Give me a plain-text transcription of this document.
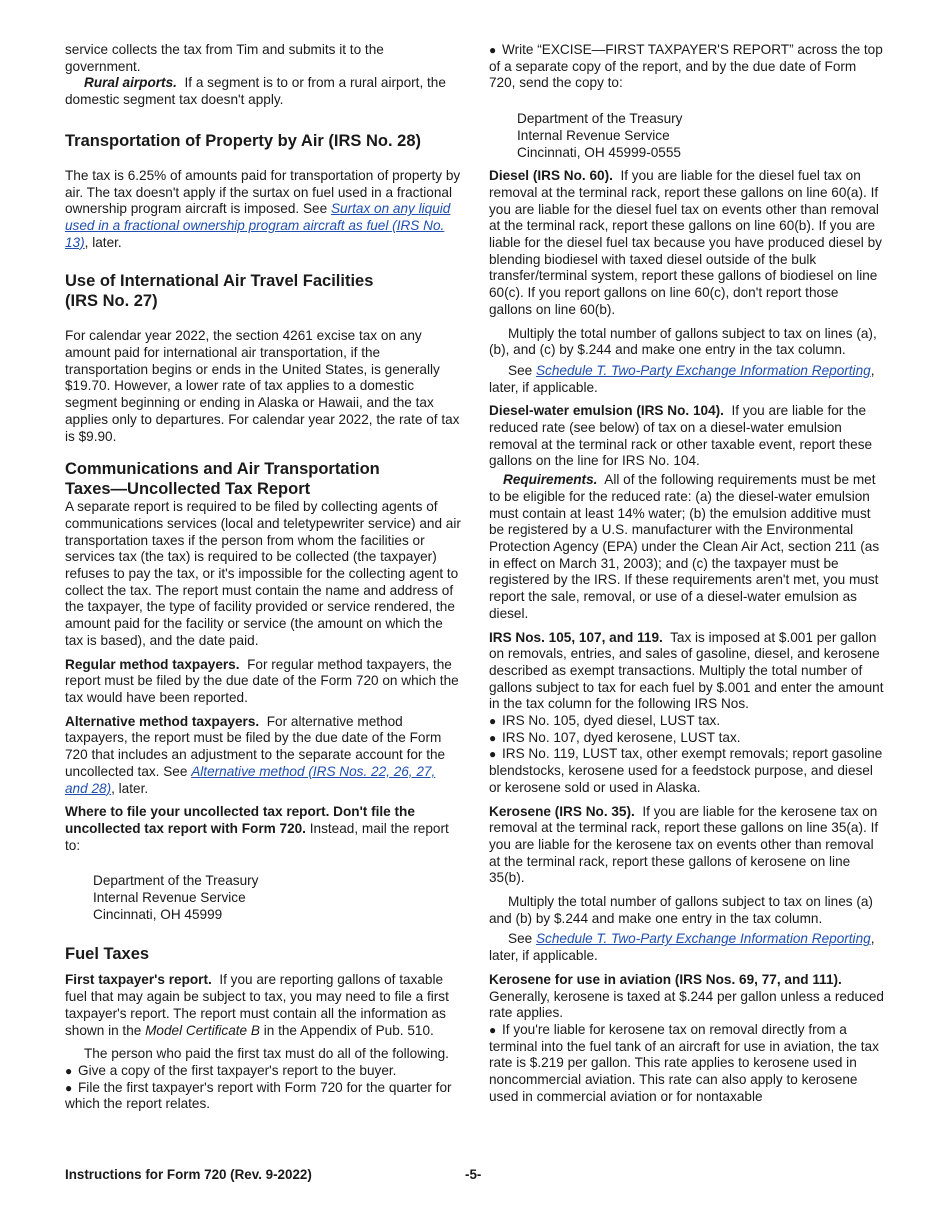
service collects the tax from Tim and submits it to the government.

Rural airports. If a segment is to or from a rural airport, the domestic segment tax doesn't apply.

Transportation of Property by Air (IRS No. 28)

The tax is 6.25% of amounts paid for transportation of property by air. The tax doesn't apply if the surtax on fuel used in a fractional ownership program aircraft is imposed. See Surtax on any liquid used in a fractional ownership program aircraft as fuel (IRS No. 13), later.

Use of International Air Travel Facilities
(IRS No. 27)

For calendar year 2022, the section 4261 excise tax on any amount paid for international air transportation, if the transportation begins or ends in the United States, is generally $19.70. However, a lower rate of tax applies to a domestic segment beginning or ending in Alaska or Hawaii, and the tax applies only to departures. For calendar year 2022, the rate of tax is $9.90.

Communications and Air Transportation
Taxes—Uncollected Tax Report

A separate report is required to be filed by collecting agents of communications services (local and teletypewriter service) and air transportation taxes if the person from whom the facilities or services tax (the tax) is required to be collected (the taxpayer) refuses to pay the tax, or it's impossible for the collecting agent to collect the tax. The report must contain the name and address of the taxpayer, the type of facility provided or service rendered, the amount paid for the facility or service (the amount on which the tax is based), and the date paid.

Regular method taxpayers. For regular method taxpayers, the report must be filed by the due date of the Form 720 on which the tax would have been reported.

Alternative method taxpayers. For alternative method taxpayers, the report must be filed by the due date of the Form 720 that includes an adjustment to the separate account for the uncollected tax. See Alternative method (IRS Nos. 22, 26, 27, and 28), later.

Where to file your uncollected tax report. Don't file the uncollected tax report with Form 720. Instead, mail the report to:

Department of the Treasury
Internal Revenue Service
Cincinnati, OH 45999
Fuel Taxes

First taxpayer's report. If you are reporting gallons of taxable fuel that may again be subject to tax, you may need to file a first taxpayer's report. The report must contain all the information as shown in the Model Certificate B in the Appendix of Pub. 510.

The person who paid the first tax must do all of the following.

● Give a copy of the first taxpayer's report to the buyer.
● File the first taxpayer's report with Form 720 for the quarter for which the report relates.
● Write “EXCISE—FIRST TAXPAYER'S REPORT” across the top of a separate copy of the report, and by the due date of Form 720, send the copy to:
Department of the Treasury
Internal Revenue Service
Cincinnati, OH 45999-0555

Diesel (IRS No. 60). If you are liable for the diesel fuel tax on removal at the terminal rack, report these gallons on line 60(a). If you are liable for the diesel fuel tax on events other than removal at the terminal rack, report these gallons on line 60(b). If you are liable for the diesel fuel tax because you have produced diesel by blending biodiesel with taxed diesel outside of the bulk transfer/terminal system, report these gallons of biodiesel on line 60(c). If you report gallons on line 60(c), don't report those gallons on line 60(b).

Multiply the total number of gallons subject to tax on lines (a), (b), and (c) by $.244 and make one entry in the tax column.

See Schedule T. Two-Party Exchange Information Reporting, later, if applicable.

Diesel-water emulsion (IRS No. 104). If you are liable for the reduced rate (see below) of tax on a diesel-water emulsion removal at the terminal rack or other taxable event, report these gallons on the line for IRS No. 104.

Requirements. All of the following requirements must be met to be eligible for the reduced rate: (a) the diesel-water emulsion must contain at least 14% water; (b) the emulsion additive must be registered by a U.S. manufacturer with the Environmental Protection Agency (EPA) under the Clean Air Act, section 211 (as in effect on March 31, 2003); and (c) the taxpayer must be registered by the IRS. If these requirements aren't met, you must report the sale, removal, or use of a diesel-water emulsion as diesel.

IRS Nos. 105, 107, and 119. Tax is imposed at $.001 per gallon on removals, entries, and sales of gasoline, diesel, and kerosene described as exempt transactions. Multiply the total number of gallons subject to tax for each fuel by $.001 and enter the amount in the tax column for the following IRS Nos.

● IRS No. 105, dyed diesel, LUST tax.
● IRS No. 107, dyed kerosene, LUST tax.
● IRS No. 119, LUST tax, other exempt removals; report gasoline blendstocks, kerosene used for a feedstock purpose, and diesel or kerosene sold or used in Alaska.

Kerosene (IRS No. 35). If you are liable for the kerosene tax on removal at the terminal rack, report these gallons on line 35(a). If you are liable for the kerosene tax on events other than removal at the terminal rack, report these gallons of kerosene on line 35(b).

Multiply the total number of gallons subject to tax on lines (a) and (b) by $.244 and make one entry in the tax column.

See Schedule T. Two-Party Exchange Information Reporting, later, if applicable.

Kerosene for use in aviation (IRS Nos. 69, 77, and 111). Generally, kerosene is taxed at $.244 per gallon unless a reduced rate applies.

● If you're liable for kerosene tax on removal directly from a terminal into the fuel tank of an aircraft for use in aviation, the tax rate is $.219 per gallon. This rate applies to kerosene used in noncommercial aviation. This rate can also apply to kerosene used in commercial aviation or for nontaxable
Instructions for Form 720 (Rev. 9-2022)	-5-
